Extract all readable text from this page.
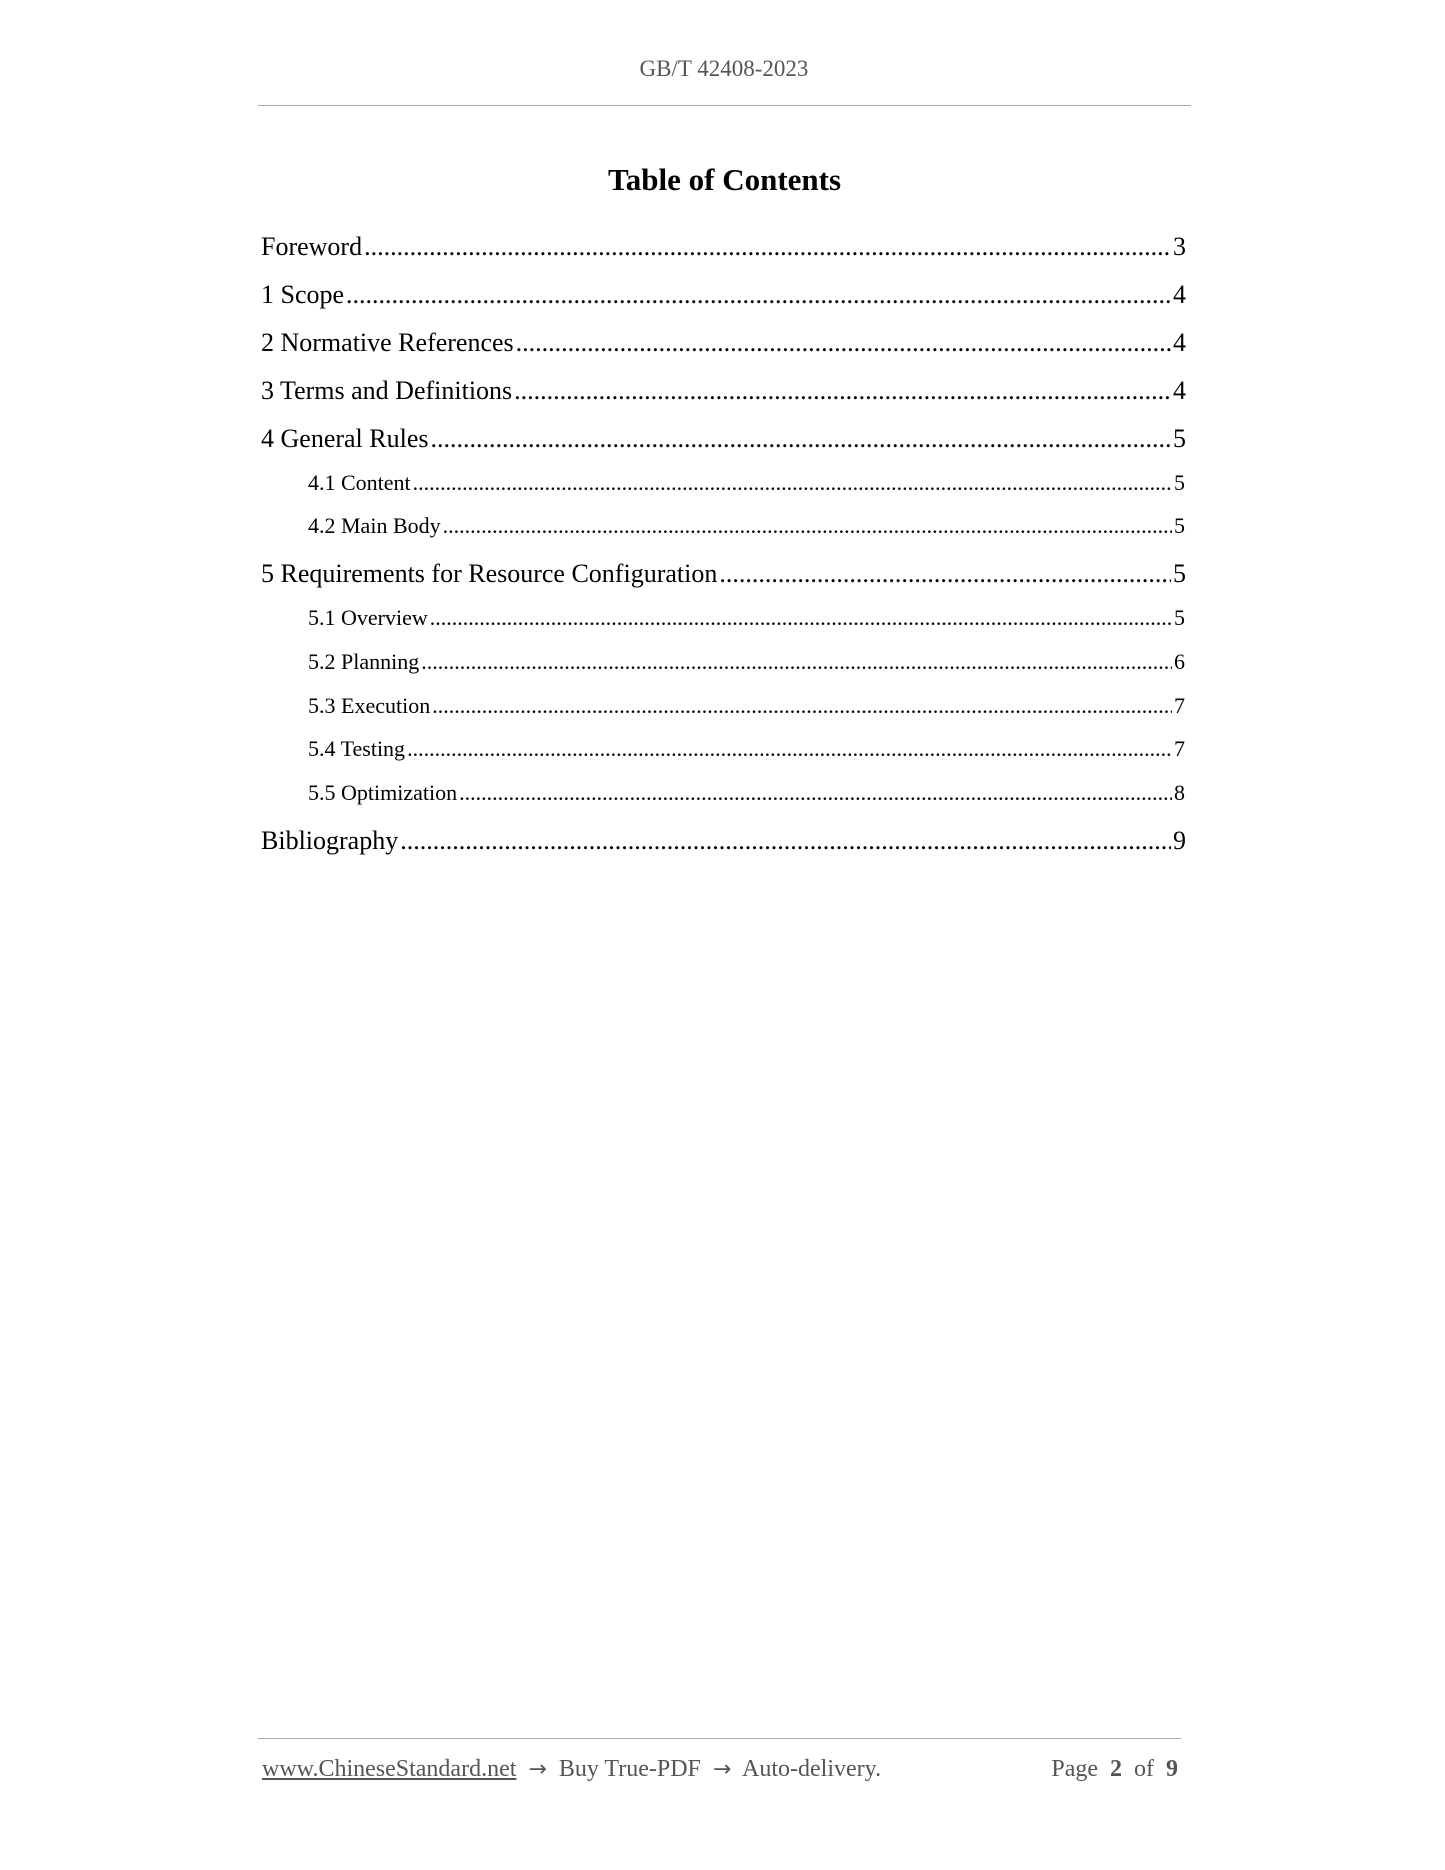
GB/T 42408-2023
Table of Contents
Foreword .....	3
1 Scope .....	4
2 Normative References .....	4
3 Terms and Definitions .....	4
4 General Rules .....	5
4.1 Content .....	5
4.2 Main Body .....	5
5 Requirements for Resource Configuration .....	5
5.1 Overview .....	5
5.2 Planning .....	6
5.3 Execution .....	7
5.4 Testing .....	7
5.5 Optimization .....	8
Bibliography .....	9
www.ChineseStandard.net → Buy True-PDF → Auto-delivery.	Page 2 of 9
